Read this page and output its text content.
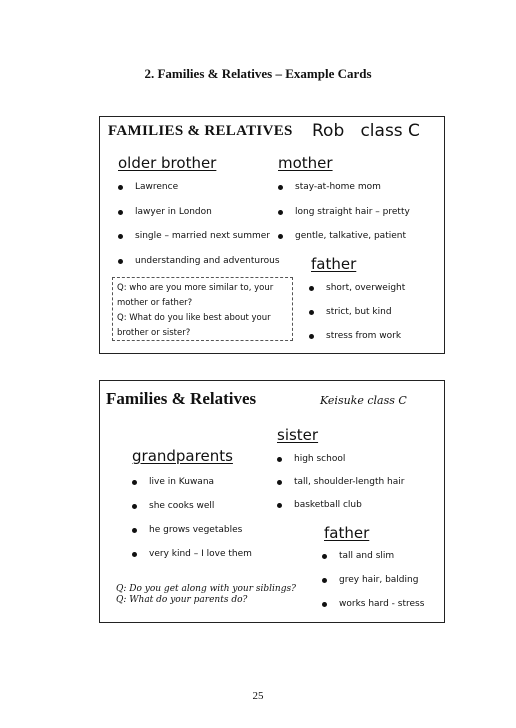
2. Families & Relatives – Example Cards
FAMILIES & RELATIVES Rob   class C
older brother
Lawrence
lawyer in London
single – married next summer
understanding and adventurous
mother
stay-at-home mom
long straight hair – pretty
gentle, talkative, patient
father
short, overweight
strict, but kind
stress from work
Q: who are you more similar to, your
mother or father?
Q: What do you like best about your
brother or sister?
Families & Relatives	Keisuke class C
sister
high school
tall, shoulder-length hair
basketball club
grandparents
live in Kuwana
she cooks well
he grows vegetables
very kind – I love them
father
tall and slim
grey hair, balding
works hard - stress
Q: Do you get along with your siblings?
Q: What do your parents do?
25
